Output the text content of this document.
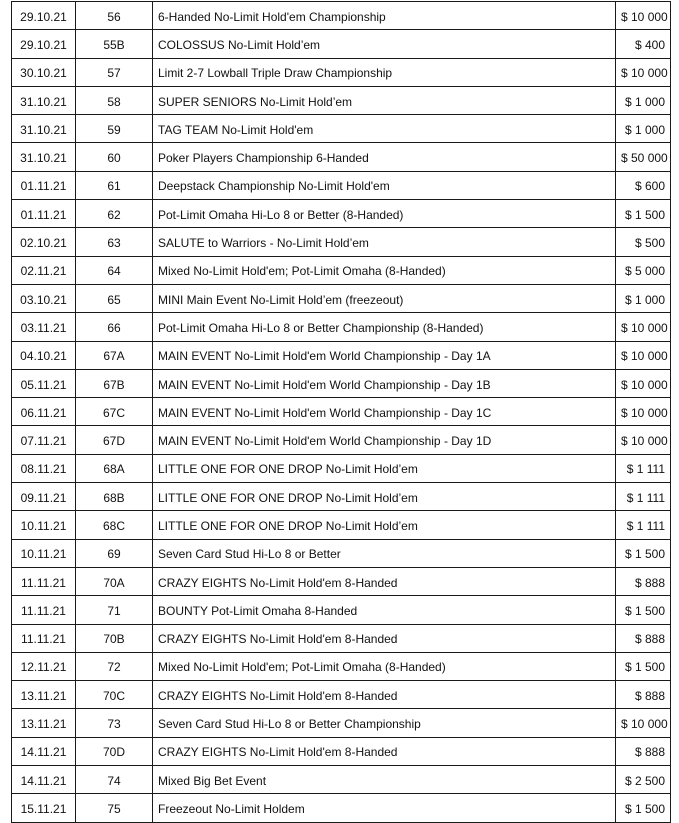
29.10.21	56	6-Handed No-Limit Hold'em Championship	$ 10 000
29.10.21	55B	COLOSSUS No-Limit Hold’em	$ 400
30.10.21	57	Limit 2-7 Lowball Triple Draw Championship	$ 10 000
31.10.21	58	SUPER SENIORS No-Limit Hold’em	$ 1 000
31.10.21	59	TAG TEAM No-Limit Hold'em	$ 1 000
31.10.21	60	Poker Players Championship 6-Handed	$ 50 000
01.11.21	61	Deepstack Championship No-Limit Hold'em	$ 600
01.11.21	62	Pot-Limit Omaha Hi-Lo 8 or Better (8-Handed)	$ 1 500
02.10.21	63	SALUTE to Warriors - No-Limit Hold’em	$ 500
02.11.21	64	Mixed No-Limit Hold'em; Pot-Limit Omaha (8-Handed)	$ 5 000
03.10.21	65	MINI Main Event No-Limit Hold’em (freezeout)	$ 1 000
03.11.21	66	Pot-Limit Omaha Hi-Lo 8 or Better Championship (8-Handed)	$ 10 000
04.10.21	67A	MAIN EVENT No-Limit Hold'em World Championship - Day 1A	$ 10 000
05.11.21	67B	MAIN EVENT No-Limit Hold'em World Championship - Day 1B	$ 10 000
06.11.21	67C	MAIN EVENT No-Limit Hold'em World Championship - Day 1C	$ 10 000
07.11.21	67D	MAIN EVENT No-Limit Hold'em World Championship - Day 1D	$ 10 000
08.11.21	68A	LITTLE ONE FOR ONE DROP No-Limit Hold’em	$ 1 111
09.11.21	68B	LITTLE ONE FOR ONE DROP No-Limit Hold’em	$ 1 111
10.11.21	68C	LITTLE ONE FOR ONE DROP No-Limit Hold’em	$ 1 111
10.11.21	69	Seven Card Stud Hi-Lo 8 or Better	$ 1 500
11.11.21	70A	CRAZY EIGHTS No-Limit Hold'em 8-Handed	$ 888
11.11.21	71	BOUNTY Pot-Limit Omaha 8-Handed	$ 1 500
11.11.21	70B	CRAZY EIGHTS No-Limit Hold'em 8-Handed	$ 888
12.11.21	72	Mixed No-Limit Hold'em; Pot-Limit Omaha (8-Handed)	$ 1 500
13.11.21	70C	CRAZY EIGHTS No-Limit Hold'em 8-Handed	$ 888
13.11.21	73	Seven Card Stud Hi-Lo 8 or Better Championship	$ 10 000
14.11.21	70D	CRAZY EIGHTS No-Limit Hold'em 8-Handed	$ 888
14.11.21	74	Mixed Big Bet Event	$ 2 500
15.11.21	75	Freezeout No-Limit Holdem	$ 1 500
